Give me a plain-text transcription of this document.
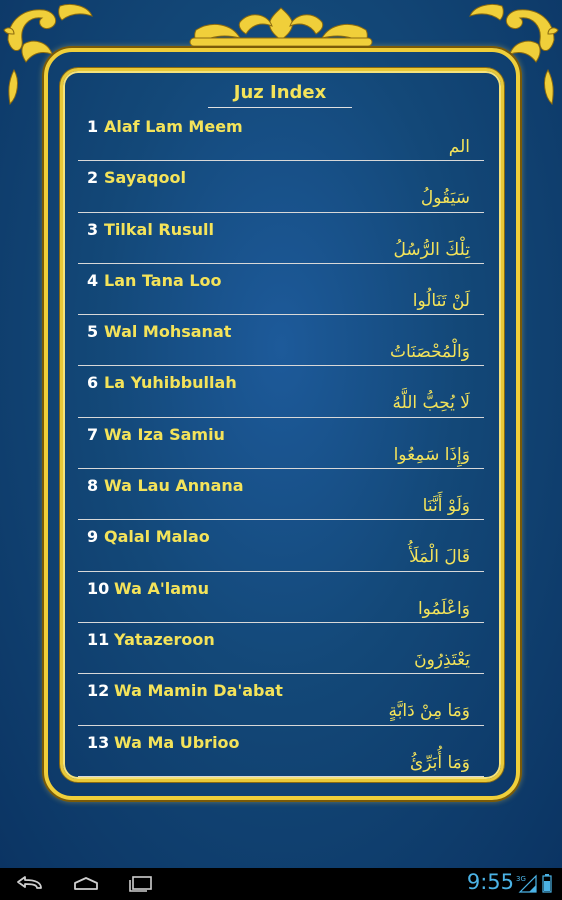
Juz Index
1 Alaf Lam Meem
الم
2 Sayaqool
سَيَقُولُ
3 Tilkal Rusull
تِلْكَ الرُّسُلُ
4 Lan Tana Loo
لَنْ تَنَالُوا
5 Wal Mohsanat
وَالْمُحْصَنَاتُ
6 La Yuhibbullah
لَا يُحِبُّ اللَّهُ
7 Wa Iza Samiu
وَإِذَا سَمِعُوا
8 Wa Lau Annana
وَلَوْ أَنَّنَا
9 Qalal Malao
قَالَ الْمَلَأُ
10 Wa A'lamu
وَاعْلَمُوا
11 Yatazeroon
يَعْتَذِرُونَ
12 Wa Mamin Da'abat
وَمَا مِنْ دَابَّةٍ
13 Wa Ma Ubrioo
وَمَا أُبَرِّئُ
9:55 3G
